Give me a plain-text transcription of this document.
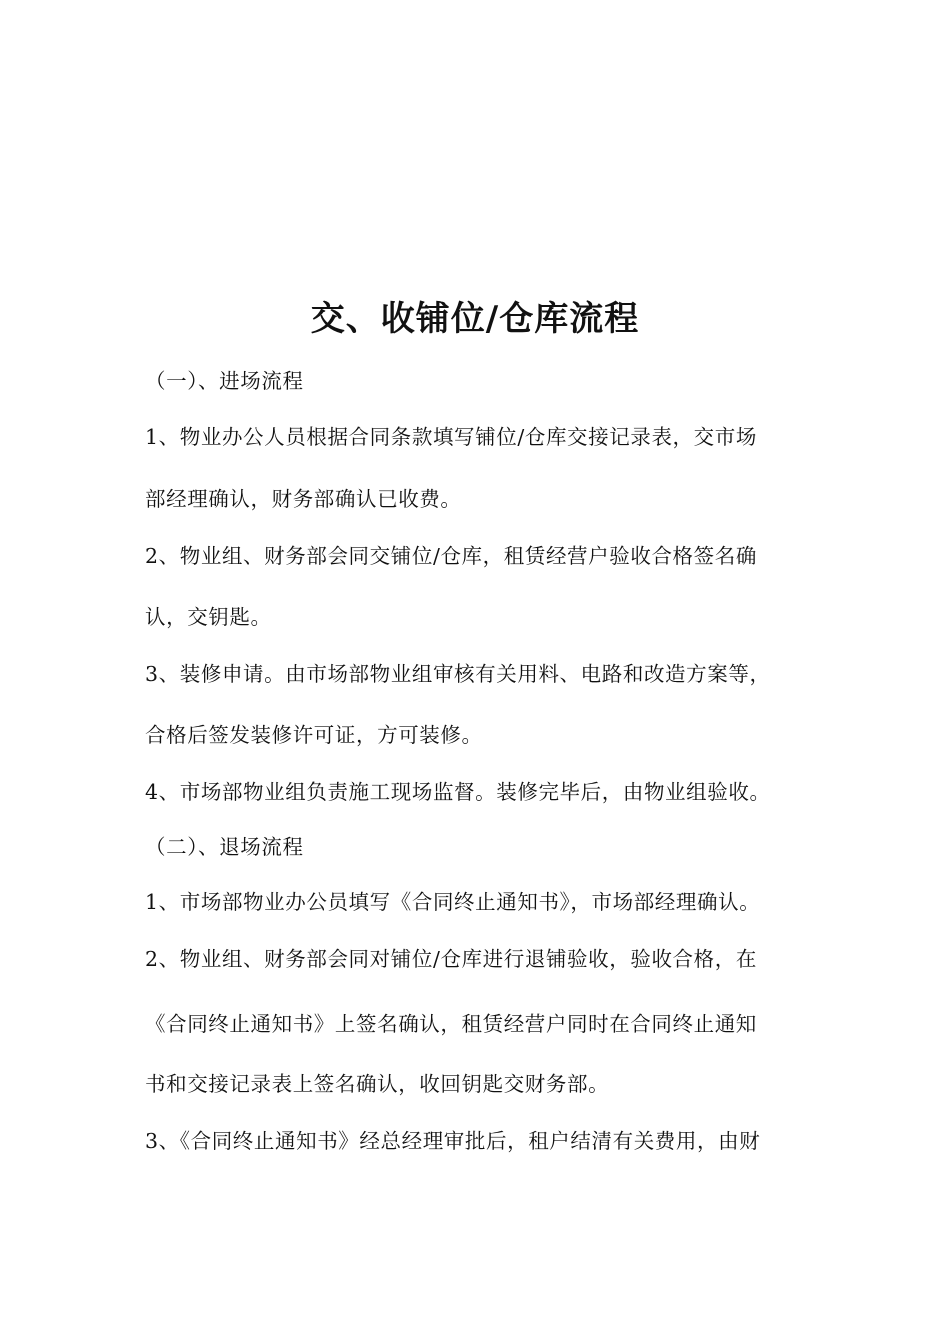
交、收铺位/仓库流程
（一）、进场流程
1、物业办公人员根据合同条款填写铺位/仓库交接记录表，交市场
部经理确认，财务部确认已收费。
2、物业组、财务部会同交铺位/仓库，租赁经营户验收合格签名确
认，交钥匙。
3、装修申请。由市场部物业组审核有关用料、电路和改造方案等，
合格后签发装修许可证，方可装修。
4、市场部物业组负责施工现场监督。装修完毕后，由物业组验收。
（二）、退场流程
1、市场部物业办公员填写《合同终止通知书》，市场部经理确认。
2、物业组、财务部会同对铺位/仓库进行退铺验收，验收合格，在
《合同终止通知书》上签名确认，租赁经营户同时在合同终止通知
书和交接记录表上签名确认，收回钥匙交财务部。
3、《合同终止通知书》经总经理审批后，租户结清有关费用，由财
